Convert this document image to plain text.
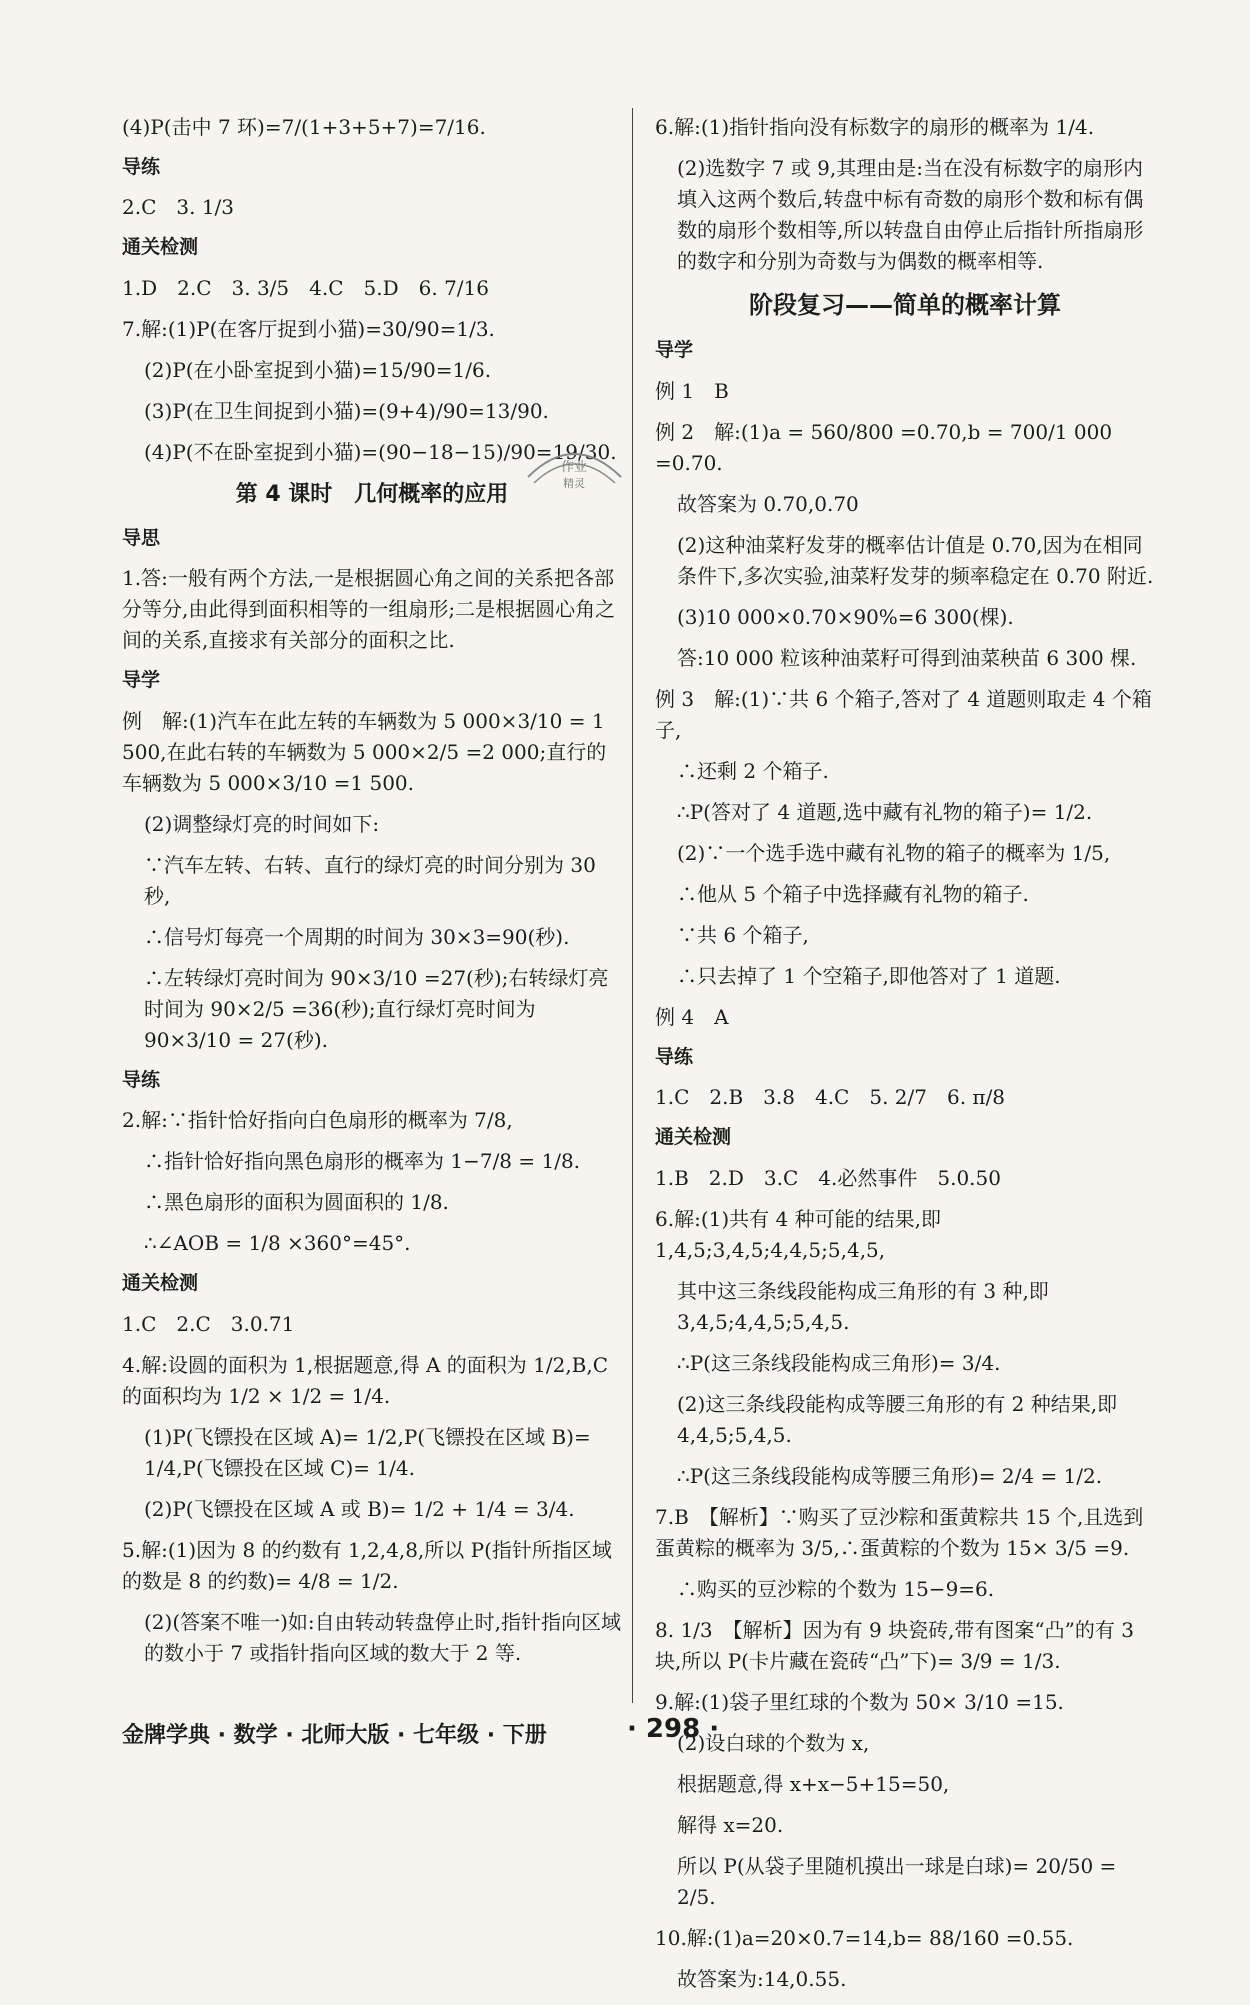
(4)P(击中 7 环)=7/(1+3+5+7)=7/16.
导练
2.C　3. 1/3
通关检测
1.D　2.C　3. 3/5　4.C　5.D　6. 7/16
7.解:(1)P(在客厅捉到小猫)=30/90=1/3.
(2)P(在小卧室捉到小猫)=15/90=1/6.
(3)P(在卫生间捉到小猫)=(9+4)/90=13/90.
(4)P(不在卧室捉到小猫)=(90−18−15)/90=19/30.
第 4 课时　几何概率的应用
导思
1.答:一般有两个方法,一是根据圆心角之间的关系把各部分等分,由此得到面积相等的一组扇形;二是根据圆心角之间的关系,直接求有关部分的面积之比.
导学
例　解:(1)汽车在此左转的车辆数为 5 000×3/10 = 1 500,在此右转的车辆数为 5 000×2/5 =2 000;直行的车辆数为 5 000×3/10 =1 500.
(2)调整绿灯亮的时间如下:
∵汽车左转、右转、直行的绿灯亮的时间分别为 30 秒,
∴信号灯每亮一个周期的时间为 30×3=90(秒).
∴左转绿灯亮时间为 90×3/10 =27(秒);右转绿灯亮时间为 90×2/5 =36(秒);直行绿灯亮时间为 90×3/10 = 27(秒).
导练
2.解:∵指针恰好指向白色扇形的概率为 7/8,
∴指针恰好指向黑色扇形的概率为 1−7/8 = 1/8.
∴黑色扇形的面积为圆面积的 1/8.
∴∠AOB = 1/8 ×360°=45°.
通关检测
1.C　2.C　3.0.71
4.解:设圆的面积为 1,根据题意,得 A 的面积为 1/2,B,C 的面积均为 1/2 × 1/2 = 1/4.
(1)P(飞镖投在区域 A)= 1/2,P(飞镖投在区域 B)= 1/4,P(飞镖投在区域 C)= 1/4.
(2)P(飞镖投在区域 A 或 B)= 1/2 + 1/4 = 3/4.
5.解:(1)因为 8 的约数有 1,2,4,8,所以 P(指针所指区域的数是 8 的约数)= 4/8 = 1/2.
(2)(答案不唯一)如:自由转动转盘停止时,指针指向区域的数小于 7 或指针指向区域的数大于 2 等.
6.解:(1)指针指向没有标数字的扇形的概率为 1/4.
(2)选数字 7 或 9,其理由是:当在没有标数字的扇形内填入这两个数后,转盘中标有奇数的扇形个数和标有偶数的扇形个数相等,所以转盘自由停止后指针所指扇形的数字和分别为奇数与为偶数的概率相等.
阶段复习——简单的概率计算
导学
例 1　B
例 2　解:(1)a = 560/800 =0.70,b = 700/1 000 =0.70.
故答案为 0.70,0.70
(2)这种油菜籽发芽的概率估计值是 0.70,因为在相同条件下,多次实验,油菜籽发芽的频率稳定在 0.70 附近.
(3)10 000×0.70×90%=6 300(棵).
答:10 000 粒该种油菜籽可得到油菜秧苗 6 300 棵.
例 3　解:(1)∵共 6 个箱子,答对了 4 道题则取走 4 个箱子,
∴还剩 2 个箱子.
∴P(答对了 4 道题,选中藏有礼物的箱子)= 1/2.
(2)∵一个选手选中藏有礼物的箱子的概率为 1/5,
∴他从 5 个箱子中选择藏有礼物的箱子.
∵共 6 个箱子,
∴只去掉了 1 个空箱子,即他答对了 1 道题.
例 4　A
导练
1.C　2.B　3.8　4.C　5. 2/7　6. π/8
通关检测
1.B　2.D　3.C　4.必然事件　5.0.50
6.解:(1)共有 4 种可能的结果,即 1,4,5;3,4,5;4,4,5;5,4,5,
其中这三条线段能构成三角形的有 3 种,即 3,4,5;4,4,5;5,4,5.
∴P(这三条线段能构成三角形)= 3/4.
(2)这三条线段能构成等腰三角形的有 2 种结果,即 4,4,5;5,4,5.
∴P(这三条线段能构成等腰三角形)= 2/4 = 1/2.
7.B　【解析】∵购买了豆沙粽和蛋黄粽共 15 个,且选到蛋黄粽的概率为 3/5,∴蛋黄粽的个数为 15× 3/5 =9.
∴购买的豆沙粽的个数为 15−9=6.
8. 1/3　【解析】因为有 9 块瓷砖,带有图案“凸”的有 3 块,所以 P(卡片藏在瓷砖“凸”下)= 3/9 = 1/3.
9.解:(1)袋子里红球的个数为 50× 3/10 =15.
(2)设白球的个数为 x,
根据题意,得 x+x−5+15=50,
解得 x=20.
所以 P(从袋子里随机摸出一球是白球)= 20/50 = 2/5.
10.解:(1)a=20×0.7=14,b= 88/160 =0.55.
故答案为:14,0.55.
作业
精灵
金牌学典 · 数学 · 北师大版 · 七年级 · 下册	· 298 ·
